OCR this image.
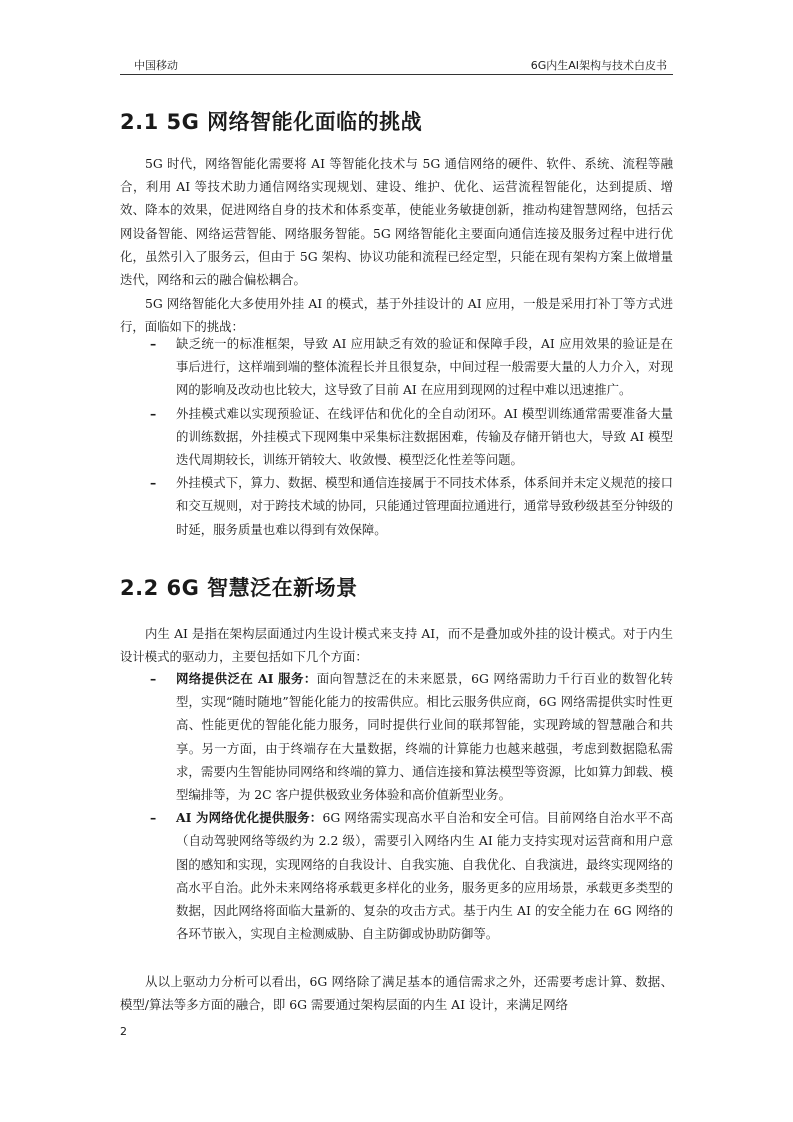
中国移动	6G内生AI架构与技术白皮书
2.1 5G 网络智能化面临的挑战

5G 时代，网络智能化需要将 AI 等智能化技术与 5G 通信网络的硬件、软件、系统、流程等融合，利用 AI 等技术助力通信网络实现规划、建设、维护、优化、运营流程智能化，达到提质、增效、降本的效果，促进网络自身的技术和体系变革，使能业务敏捷创新，推动构建智慧网络，包括云网设备智能、网络运营智能、网络服务智能。5G 网络智能化主要面向通信连接及服务过程中进行优化，虽然引入了服务云，但由于 5G 架构、协议功能和流程已经定型，只能在现有架构方案上做增量迭代，网络和云的融合偏松耦合。

5G 网络智能化大多使用外挂 AI 的模式，基于外挂设计的 AI 应用，一般是采用打补丁等方式进行，面临如下的挑战：

– 缺乏统一的标准框架，导致 AI 应用缺乏有效的验证和保障手段，AI 应用效果的验证是在事后进行，这样端到端的整体流程长并且很复杂，中间过程一般需要大量的人力介入，对现网的影响及改动也比较大，这导致了目前 AI 在应用到现网的过程中难以迅速推广。
– 外挂模式难以实现预验证、在线评估和优化的全自动闭环。AI 模型训练通常需要准备大量的训练数据，外挂模式下现网集中采集标注数据困难，传输及存储开销也大，导致 AI 模型迭代周期较长，训练开销较大、收敛慢、模型泛化性差等问题。
– 外挂模式下，算力、数据、模型和通信连接属于不同技术体系，体系间并未定义规范的接口和交互规则，对于跨技术域的协同，只能通过管理面拉通进行，通常导致秒级甚至分钟级的时延，服务质量也难以得到有效保障。
2.2 6G 智慧泛在新场景

内生 AI 是指在架构层面通过内生设计模式来支持 AI，而不是叠加或外挂的设计模式。对于内生设计模式的驱动力，主要包括如下几个方面：

– 网络提供泛在 AI 服务：面向智慧泛在的未来愿景，6G 网络需助力千行百业的数智化转型，实现“随时随地”智能化能力的按需供应。相比云服务供应商，6G 网络需提供实时性更高、性能更优的智能化能力服务，同时提供行业间的联邦智能，实现跨域的智慧融合和共享。另一方面，由于终端存在大量数据，终端的计算能力也越来越强，考虑到数据隐私需求，需要内生智能协同网络和终端的算力、通信连接和算法模型等资源，比如算力卸载、模型编排等，为 2C 客户提供极致业务体验和高价值新型业务。
– AI 为网络优化提供服务：6G 网络需实现高水平自治和安全可信。目前网络自治水平不高（自动驾驶网络等级约为 2.2 级），需要引入网络内生 AI 能力支持实现对运营商和用户意图的感知和实现，实现网络的自我设计、自我实施、自我优化、自我演进，最终实现网络的高水平自治。此外未来网络将承载更多样化的业务，服务更多的应用场景，承载更多类型的数据，因此网络将面临大量新的、复杂的攻击方式。基于内生 AI 的安全能力在 6G 网络的各环节嵌入，实现自主检测威胁、自主防御或协助防御等。

从以上驱动力分析可以看出，6G 网络除了满足基本的通信需求之外，还需要考虑计算、数据、模型/算法等多方面的融合，即 6G 需要通过架构层面的内生 AI 设计，来满足网络

2
